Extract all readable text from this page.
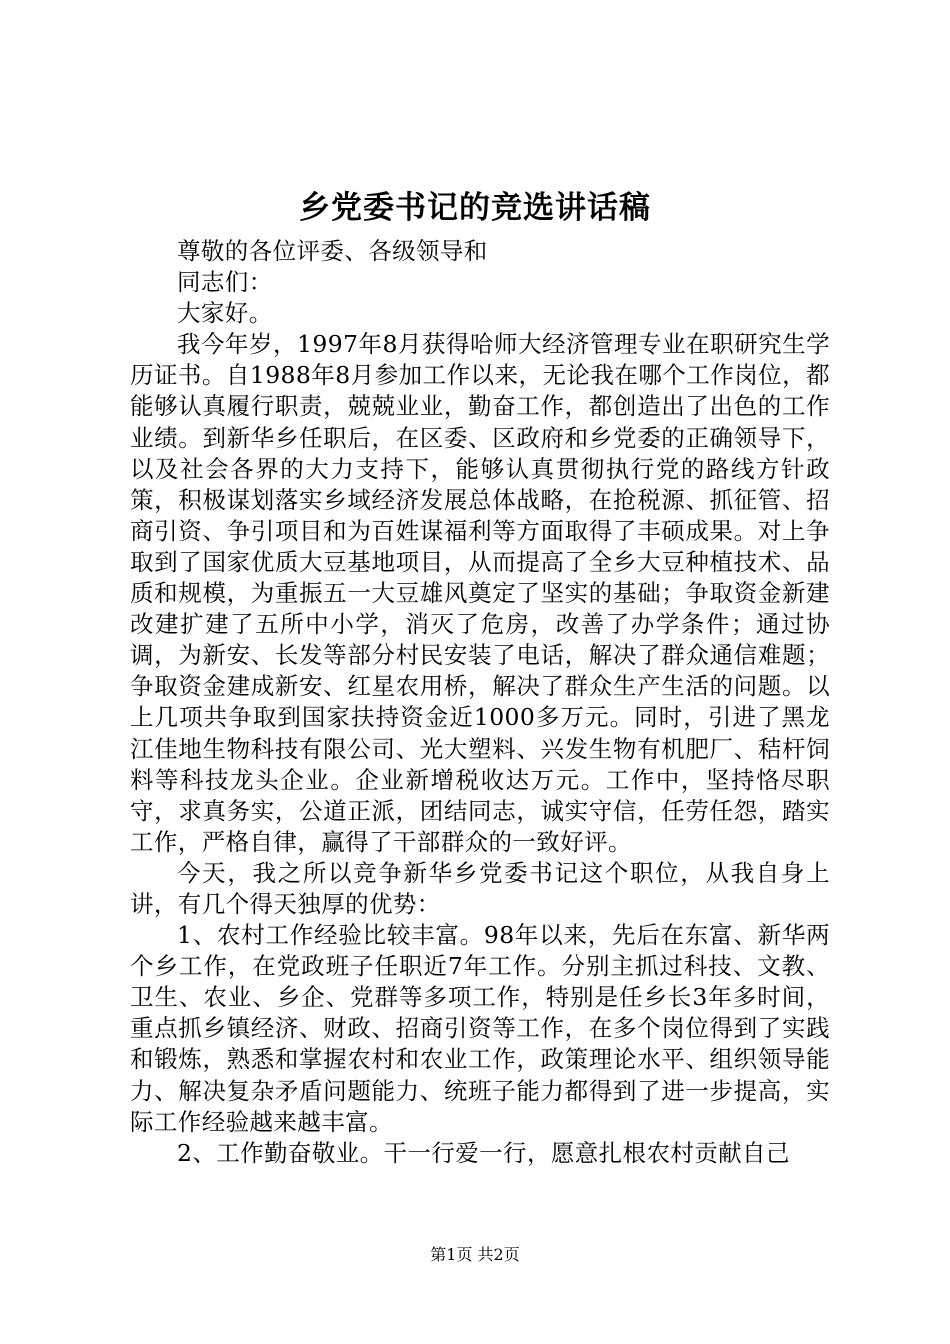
乡党委书记的竞选讲话稿

尊敬的各位评委、各级领导和

同志们：

大家好。

我今年岁，1997年8月获得哈师大经济管理专业在职研究生学历证书。自1988年8月参加工作以来，无论我在哪个工作岗位，都能够认真履行职责，兢兢业业，勤奋工作，都创造出了出色的工作业绩。到新华乡任职后，在区委、区政府和乡党委的正确领导下，以及社会各界的大力支持下，能够认真贯彻执行党的路线方针政策，积极谋划落实乡域经济发展总体战略，在抢税源、抓征管、招商引资、争引项目和为百姓谋福利等方面取得了丰硕成果。对上争取到了国家优质大豆基地项目，从而提高了全乡大豆种植技术、品质和规模，为重振五一大豆雄风奠定了坚实的基础；争取资金新建改建扩建了五所中小学，消灭了危房，改善了办学条件；通过协调，为新安、长发等部分村民安装了电话，解决了群众通信难题；争取资金建成新安、红星农用桥，解决了群众生产生活的问题。以上几项共争取到国家扶持资金近1000多万元。同时，引进了黑龙江佳地生物科技有限公司、光大塑料、兴发生物有机肥厂、秸杆饲料等科技龙头企业。企业新增税收达万元。工作中，坚持恪尽职守，求真务实，公道正派，团结同志，诚实守信，任劳任怨，踏实工作，严格自律，赢得了干部群众的一致好评。

今天，我之所以竞争新华乡党委书记这个职位，从我自身上讲，有几个得天独厚的优势：

1、农村工作经验比较丰富。98年以来，先后在东富、新华两个乡工作，在党政班子任职近7年工作。分别主抓过科技、文教、卫生、农业、乡企、党群等多项工作，特别是任乡长3年多时间，重点抓乡镇经济、财政、招商引资等工作，在多个岗位得到了实践和锻炼，熟悉和掌握农村和农业工作，政策理论水平、组织领导能力、解决复杂矛盾问题能力、统班子能力都得到了进一步提高，实际工作经验越来越丰富。

2、工作勤奋敬业。干一行爱一行，愿意扎根农村贡献自己

第1页 共2页
